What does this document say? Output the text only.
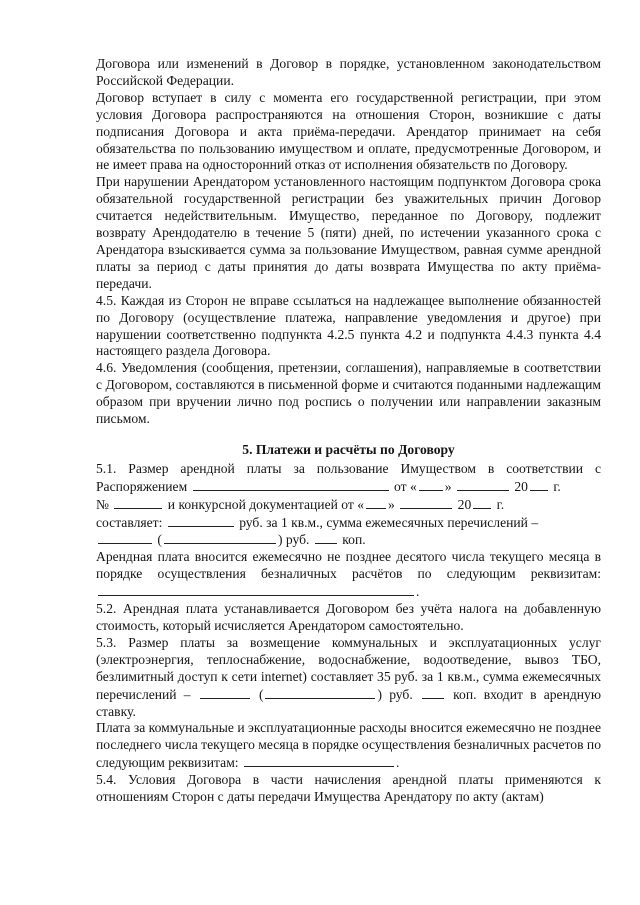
Договора или изменений в Договор в порядке, установленном законодательством Российской Федерации.

Договор вступает в силу с момента его государственной регистрации, при этом условия Договора распространяются на отношения Сторон, возникшие с даты подписания Договора и акта приёма-передачи. Арендатор принимает на себя обязательства по пользованию имуществом и оплате, предусмотренные Договором, и не имеет права на односторонний отказ от исполнения обязательств по Договору.

При нарушении Арендатором установленного настоящим подпунктом Договора срока обязательной государственной регистрации без уважительных причин Договор считается недействительным. Имущество, переданное по Договору, подлежит возврату Арендодателю в течение 5 (пяти) дней, по истечении указанного срока с Арендатора взыскивается сумма за пользование Имуществом, равная сумме арендной платы за период с даты принятия до даты возврата Имущества по акту приёма-передачи.

4.5. Каждая из Сторон не вправе ссылаться на надлежащее выполнение обязанностей по Договору (осуществление платежа, направление уведомления и другое) при нарушении соответственно подпункта 4.2.5 пункта 4.2 и подпункта 4.4.3 пункта 4.4 настоящего раздела Договора.

4.6. Уведомления (сообщения, претензии, соглашения), направляемые в соответствии с Договором, составляются в письменной форме и считаются поданными надлежащим образом при вручении лично под роспись о получении или направлении заказным письмом.

5. Платежи и расчёты по Договору

5.1. Размер арендной платы за пользование Имуществом в соответствии с Распоряжением	от « »	20 г.
№	и конкурсной документацией от « »	20 г.
составляет:	руб. за 1 кв.м., сумма ежемесячных перечислений –
(	) руб. коп.

Арендная плата вносится ежемесячно не позднее десятого числа текущего месяца в порядке осуществления безналичных расчётов по следующим реквизитам: .

5.2. Арендная плата устанавливается Договором без учёта налога на добавленную стоимость, который исчисляется Арендатором самостоятельно.

5.3. Размер платы за возмещение коммунальных и эксплуатационных услуг (электроэнергия, теплоснабжение, водоснабжение, водоотведение, вывоз ТБО, безлимитный доступ к сети internet) составляет 35 руб. за 1 кв.м., сумма ежемесячных перечислений –	(	) руб.	коп. входит в арендную ставку.

Плата за коммунальные и эксплуатационные расходы вносится ежемесячно не позднее последнего числа текущего месяца в порядке осуществления безналичных расчетов по следующим реквизитам:	.

5.4. Условия Договора в части начисления арендной платы применяются к отношениям Сторон с даты передачи Имущества Арендатору по акту (актам)
